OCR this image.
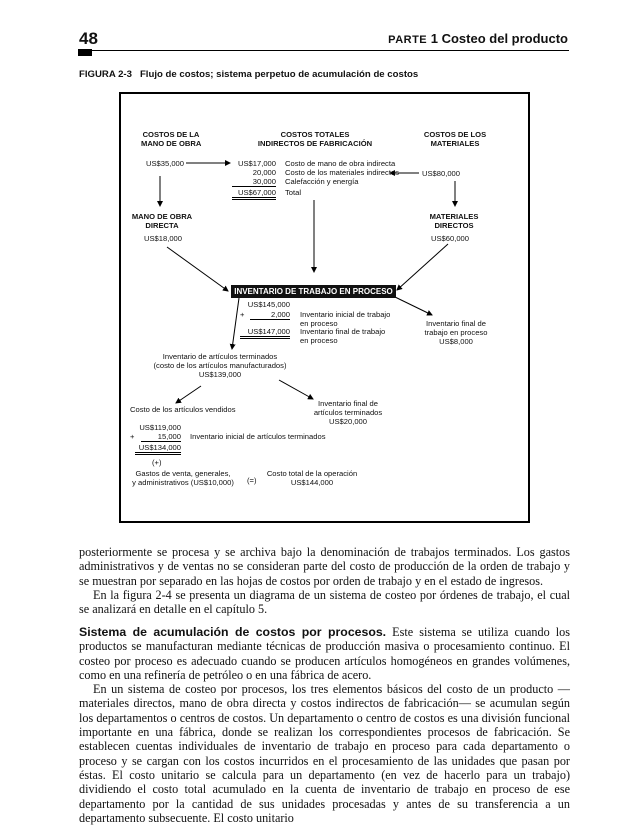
48	PARTE 1 Costeo del producto
FIGURA 2-3   Flujo de costos; sistema perpetuo de acumulación de costos
COSTOS DE LA
MANO DE OBRA
COSTOS TOTALES
INDIRECTOS DE FABRICACIÓN
COSTOS DE LOS
MATERIALES
US$35,000	US$17,000 Costo de mano de obra indirecta
20,000 Costo de los materiales indirectos
30,000 Calefacción y energía
US$67,000 Total
US$80,000
MANO DE OBRA
DIRECTA
US$18,000
MATERIALES
DIRECTOS
US$60,000
INVENTARIO DE TRABAJO EN PROCESO
US$145,000
+	2,000 Inventario inicial de trabajo
en proceso
US$147,000 Inventario final de trabajo
en proceso
Inventario final de
trabajo en proceso
US$8,000
Inventario de artículos terminados
(costo de los artículos manufacturados)
US$139,000
Costo de los artículos vendidos
Inventario final de
artículos terminados
US$20,000
US$119,000
+	15,000 Inventario inicial de artículos terminados
US$134,000
(+)
Gastos de venta, generales,
y administrativos (US$10,000)	(=)
Costo total de la operación
US$144,000

posteriormente se procesa y se archiva bajo la denominación de trabajos terminados. Los gastos administrativos y de ventas no se consideran parte del costo de producción de la orden de trabajo y se muestran por separado en las hojas de costos por orden de trabajo y en el estado de ingresos.

En la figura 2-4 se presenta un diagrama de un sistema de costeo por órdenes de trabajo, el cual se analizará en detalle en el capítulo 5.

Sistema de acumulación de costos por procesos. Este sistema se utiliza cuando los productos se manufacturan mediante técnicas de producción masiva o procesamiento continuo. El costeo por proceso es adecuado cuando se producen artículos homogéneos en grandes volúmenes, como en una refinería de petróleo o en una fábrica de acero.

En un sistema de costeo por procesos, los tres elementos básicos del costo de un producto —materiales directos, mano de obra directa y costos indirectos de fabricación— se acumulan según los departamentos o centros de costos. Un departamento o centro de costos es una división funcional importante en una fábrica, donde se realizan los correspondientes procesos de fabricación. Se establecen cuentas individuales de inventario de trabajo en proceso para cada departamento o proceso y se cargan con los costos incurridos en el procesamiento de las unidades que pasan por éstas. El costo unitario se calcula para un departamento (en vez de hacerlo para un trabajo) dividiendo el costo total acumulado en la cuenta de inventario de trabajo en proceso de ese departamento por la cantidad de sus unidades procesadas y antes de su transferencia a un departamento subsecuente. El costo unitario
